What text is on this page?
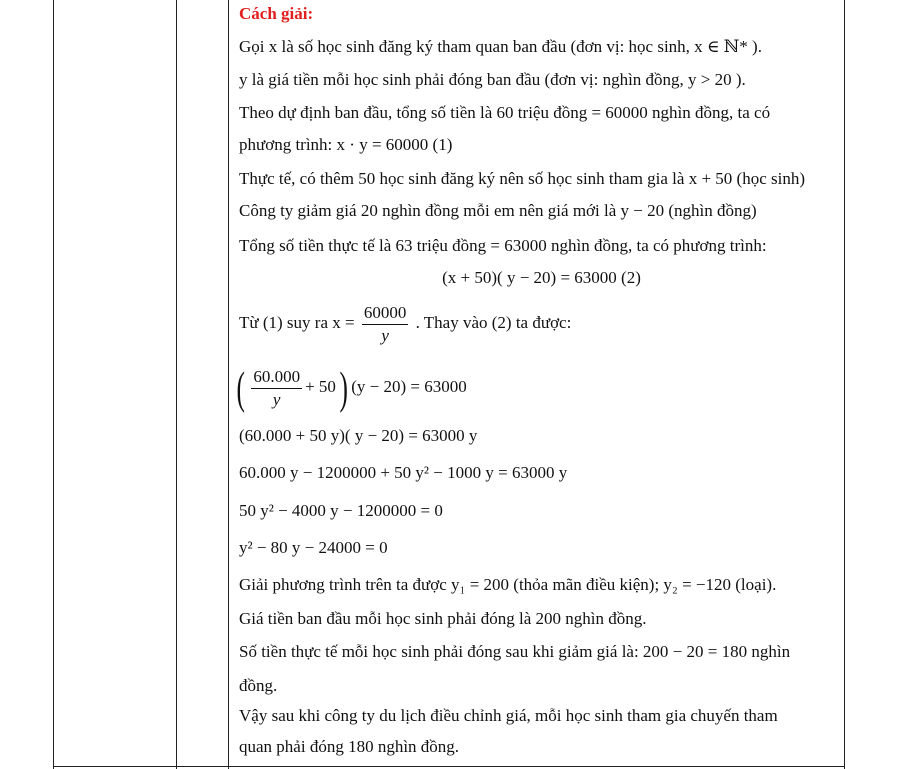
Cách giải:
Gọi x là số học sinh đăng ký tham quan ban đầu (đơn vị: học sinh, x ∈ ℕ* ).
y là giá tiền mỗi học sinh phải đóng ban đầu (đơn vị: nghìn đồng, y > 20 ).
Theo dự định ban đầu, tổng số tiền là 60 triệu đồng = 60000 nghìn đồng, ta có
phương trình: x · y = 60000 (1)
Thực tế, có thêm 50 học sinh đăng ký nên số học sinh tham gia là x + 50 (học sinh)
Công ty giảm giá 20 nghìn đồng mỗi em nên giá mới là y − 20 (nghìn đồng)
Tổng số tiền thực tế là 63 triệu đồng = 63000 nghìn đồng, ta có phương trình:
(x + 50)( y − 20) = 63000 (2)
Từ (1) suy ra $x = \frac{60000}{y}$ . Thay vào (2) ta được:
( $\frac{60.000}{y} + 50$) (y − 20) = 63000
(60.000 + 50 y)( y − 20) = 63000 y
60.000 y − 1200000 + 50 y² − 1000 y = 63000 y
50 y² − 4000 y − 1200000 = 0
y² − 80 y − 24000 = 0
Giải phương trình trên ta được y₁ = 200 (thỏa mãn điều kiện); y₂ = −120 (loại).
Giá tiền ban đầu mỗi học sinh phải đóng là 200 nghìn đồng.
Số tiền thực tế mỗi học sinh phải đóng sau khi giảm giá là: 200 − 20 = 180 nghìn
đồng.
Vậy sau khi công ty du lịch điều chỉnh giá, mỗi học sinh tham gia chuyến tham
quan phải đóng 180 nghìn đồng.
